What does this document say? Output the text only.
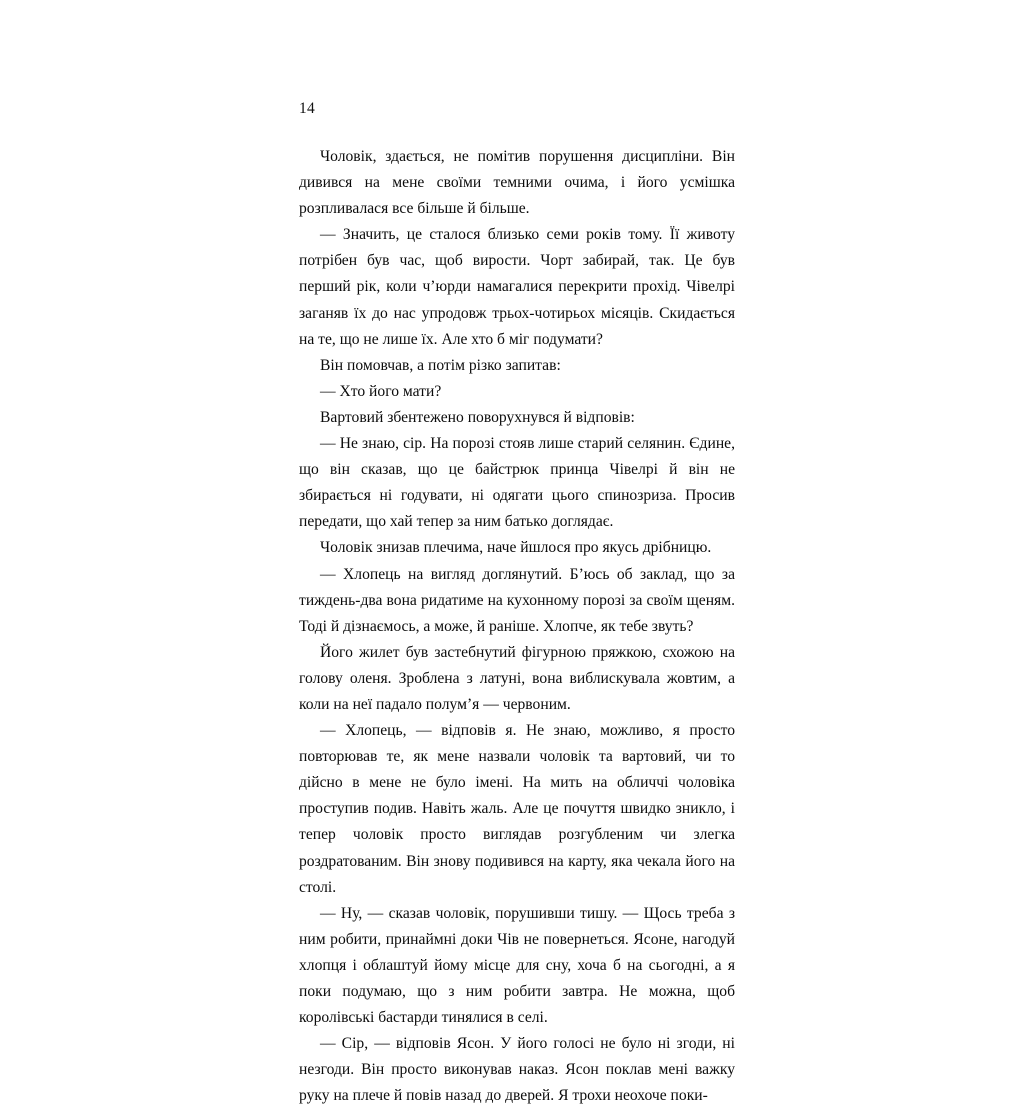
14

Чоловік, здається, не помітив порушення дисципліни. Він дивився на мене своїми темними очима, і його усмішка розпливалася все більше й більше.

— Значить, це сталося близько семи років тому. Її животу потрібен був час, щоб вирости. Чорт забирай, так. Це був перший рік, коли ч’юрди намагалися перекрити прохід. Чівелрі заганяв їх до нас упродовж трьох-чотирьох місяців. Скидається на те, що не лише їх. Але хто б міг подумати?

Він помовчав, а потім різко запитав:

— Хто його мати?

Вартовий збентежено поворухнувся й відповів:

— Не знаю, сір. На порозі стояв лише старий селянин. Єдине, що він сказав, що це байстрюк принца Чівелрі й він не збирається ні годувати, ні одягати цього спинозриза. Просив передати, що хай тепер за ним батько доглядає.

Чоловік знизав плечима, наче йшлося про якусь дрібницю.

— Хлопець на вигляд доглянутий. Б’юсь об заклад, що за тиждень-два вона ридатиме на кухонному порозі за своїм щеням. Тоді й дізнаємось, а може, й раніше. Хлопче, як тебе звуть?

Його жилет був застебнутий фігурною пряжкою, схожою на голову оленя. Зроблена з латуні, вона виблискувала жовтим, а коли на неї падало полум’я — червоним.

— Хлопець, — відповів я. Не знаю, можливо, я просто повторював те, як мене назвали чоловік та вартовий, чи то дійсно в мене не було імені. На мить на обличчі чоловіка проступив подив. Навіть жаль. Але це почуття швидко зникло, і тепер чоловік просто виглядав розгубленим чи злегка роздратованим. Він знову подивився на карту, яка чекала його на столі.

— Ну, — сказав чоловік, порушивши тишу. — Щось треба з ним робити, принаймні доки Чів не повернеться. Ясоне, нагодуй хлопця і облаштуй йому місце для сну, хоча б на сьогодні, а я поки подумаю, що з ним робити завтра. Не можна, щоб королівські бастарди тинялися в селі.

— Сір, — відповів Ясон. У його голосі не було ні згоди, ні незгоди. Він просто виконував наказ. Ясон поклав мені важку руку на плече й повів назад до дверей. Я трохи неохоче поки-
